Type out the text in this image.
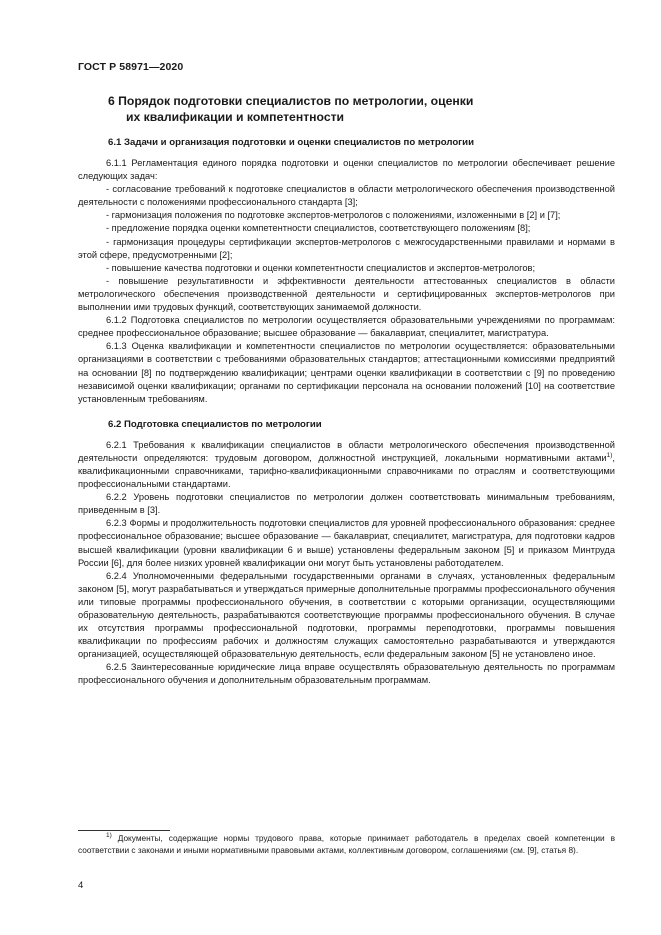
ГОСТ Р 58971—2020
6 Порядок подготовки специалистов по метрологии, оценки
их квалификации и компетентности
6.1 Задачи и организация подготовки и оценки специалистов по метрологии

6.1.1 Регламентация единого порядка подготовки и оценки специалистов по метрологии обеспечивает решение следующих задач:

- согласование требований к подготовке специалистов в области метрологического обеспечения производственной деятельности с положениями профессионального стандарта [3];

- гармонизация положения по подготовке экспертов-метрологов с положениями, изложенными в [2] и [7];

- предложение порядка оценки компетентности специалистов, соответствующего положениям [8];

- гармонизация процедуры сертификации экспертов-метрологов с межгосударственными правилами и нормами в этой сфере, предусмотренными [2];

- повышение качества подготовки и оценки компетентности специалистов и экспертов-метрологов;

- повышение результативности и эффективности деятельности аттестованных специалистов в области метрологического обеспечения производственной деятельности и сертифицированных экспертов-метрологов при выполнении ими трудовых функций, соответствующих занимаемой должности.

6.1.2 Подготовка специалистов по метрологии осуществляется образовательными учреждениями по программам: среднее профессиональное образование; высшее образование — бакалавриат, специалитет, магистратура.

6.1.3 Оценка квалификации и компетентности специалистов по метрологии осуществляется: образовательными организациями в соответствии с требованиями образовательных стандартов; аттестационными комиссиями предприятий на основании [8] по подтверждению квалификации; центрами оценки квалификации в соответствии с [9] по проведению независимой оценки квалификации; органами по сертификации персонала на основании положений [10] на соответствие установленным требованиям.

6.2 Подготовка специалистов по метрологии

6.2.1 Требования к квалификации специалистов в области метрологического обеспечения производственной деятельности определяются: трудовым договором, должностной инструкцией, локальными нормативными актами$^{1)}$, квалификационными справочниками, тарифно-квалификационными справочниками по отраслям и соответствующими профессиональными стандартами.

6.2.2 Уровень подготовки специалистов по метрологии должен соответствовать минимальным требованиям, приведенным в [3].

6.2.3 Формы и продолжительность подготовки специалистов для уровней профессионального образования: среднее профессиональное образование; высшее образование — бакалавриат, специалитет, магистратура, для подготовки кадров высшей квалификации (уровни квалификации 6 и выше) установлены федеральным законом [5] и приказом Минтруда России [6], для более низких уровней квалификации они могут быть установлены работодателем.

6.2.4 Уполномоченными федеральными государственными органами в случаях, установленных федеральным законом [5], могут разрабатываться и утверждаться примерные дополнительные программы профессионального обучения или типовые программы профессионального обучения, в соответствии с которыми организации, осуществляющими образовательную деятельность, разрабатываются соответствующие программы профессионального обучения. В случае их отсутствия программы профессиональной подготовки, программы переподготовки, программы повышения квалификации по профессиям рабочих и должностям служащих самостоятельно разрабатываются и утверждаются организацией, осуществляющей образовательную деятельность, если федеральным законом [5] не установлено иное.

6.2.5 Заинтересованные юридические лица вправе осуществлять образовательную деятельность по программам профессионального обучения и дополнительным образовательным программам.

$^{1)}$ Документы, содержащие нормы трудового права, которые принимает работодатель в пределах своей компетенции в соответствии с законами и иными нормативными правовыми актами, коллективным договором, соглашениями (см. [9], статья 8).
4
